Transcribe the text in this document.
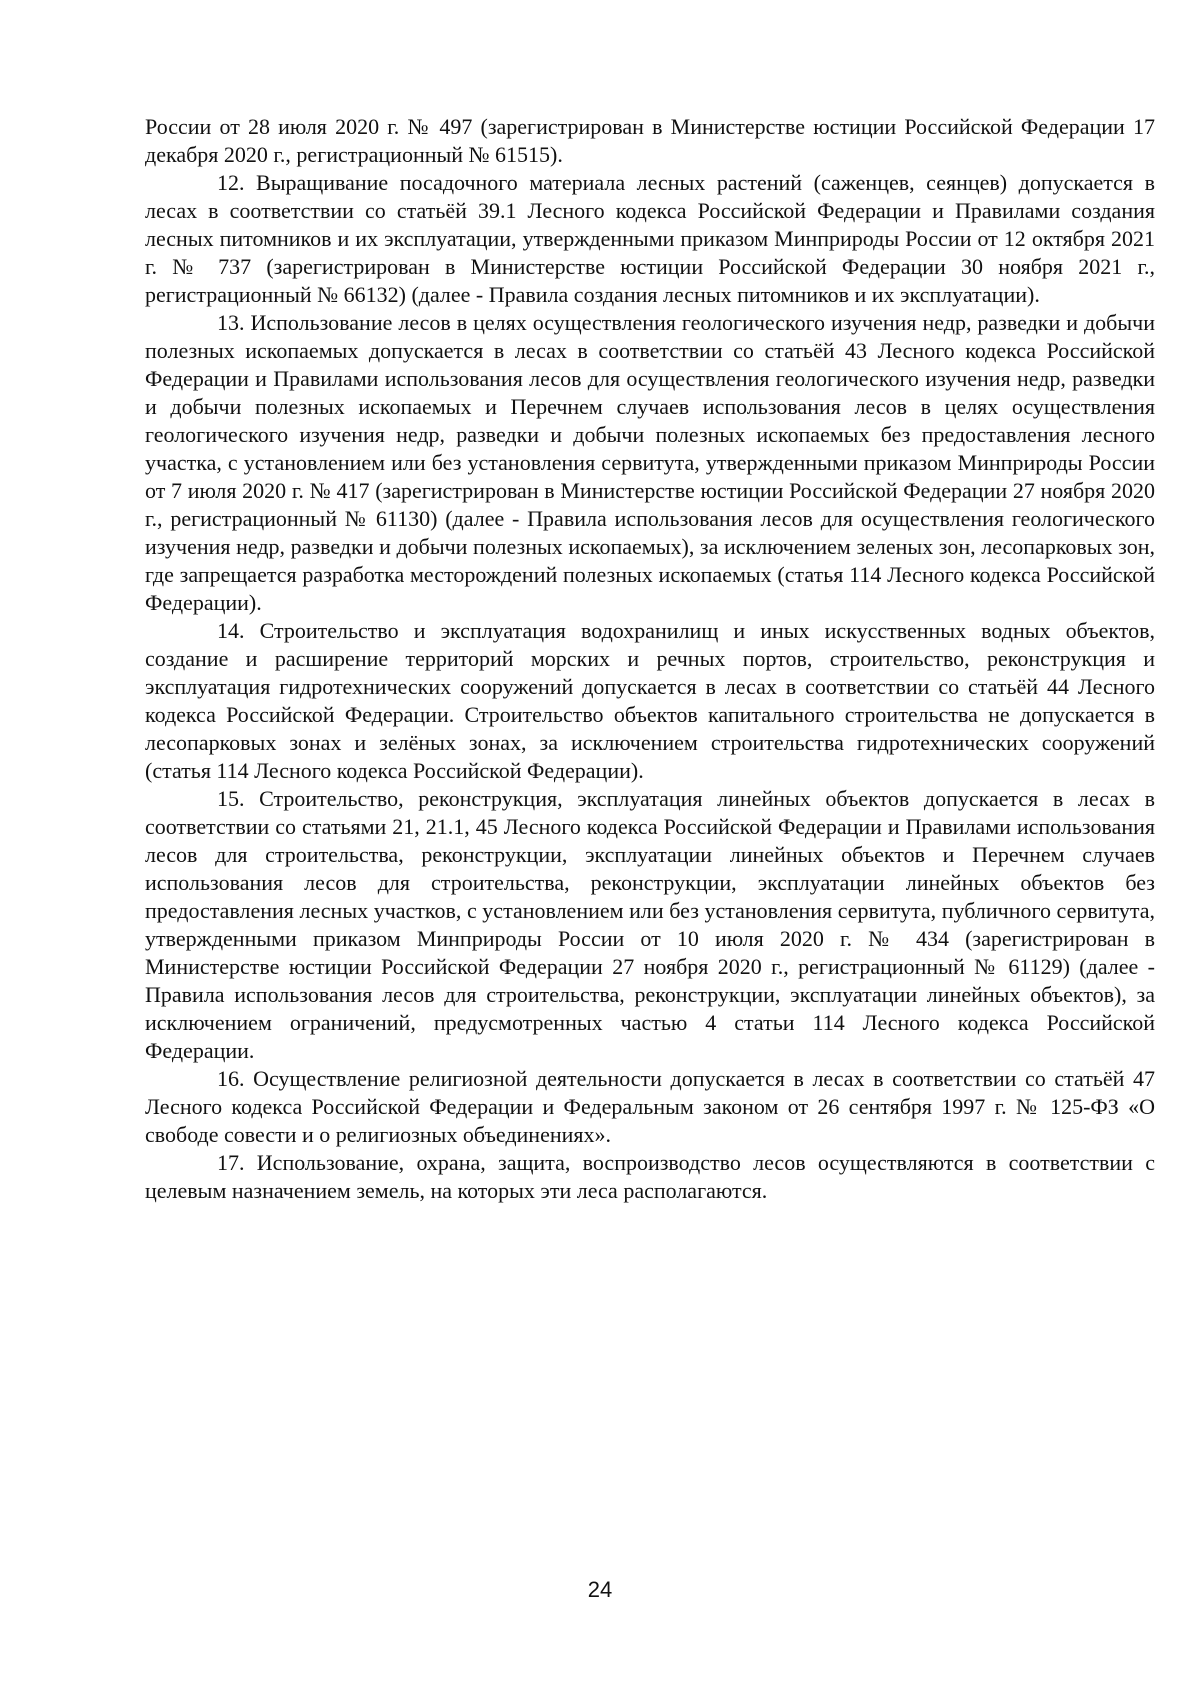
России от 28 июля 2020 г. № 497 (зарегистрирован в Министерстве юстиции Российской Федерации 17 декабря 2020 г., регистрационный № 61515).

12. Выращивание посадочного материала лесных растений (саженцев, сеянцев) допускается в лесах в соответствии со статьёй 39.1 Лесного кодекса Российской Федерации и Правилами создания лесных питомников и их эксплуатации, утвержденными приказом Минприроды России от 12 октября 2021 г. № 737 (зарегистрирован в Министерстве юстиции Российской Федерации 30 ноября 2021 г., регистрационный № 66132) (далее - Правила создания лесных питомников и их эксплуатации).

13. Использование лесов в целях осуществления геологического изучения недр, разведки и добычи полезных ископаемых допускается в лесах в соответствии со статьёй 43 Лесного кодекса Российской Федерации и Правилами использования лесов для осуществления геологического изучения недр, разведки и добычи полезных ископаемых и Перечнем случаев использования лесов в целях осуществления геологического изучения недр, разведки и добычи полезных ископаемых без предоставления лесного участка, с установлением или без установления сервитута, утвержденными приказом Минприроды России от 7 июля 2020 г. № 417 (зарегистрирован в Министерстве юстиции Российской Федерации 27 ноября 2020 г., регистрационный № 61130) (далее - Правила использования лесов для осуществления геологического изучения недр, разведки и добычи полезных ископаемых), за исключением зеленых зон, лесопарковых зон, где запрещается разработка месторождений полезных ископаемых (статья 114 Лесного кодекса Российской Федерации).

14. Строительство и эксплуатация водохранилищ и иных искусственных водных объектов, создание и расширение территорий морских и речных портов, строительство, реконструкция и эксплуатация гидротехнических сооружений допускается в лесах в соответствии со статьёй 44 Лесного кодекса Российской Федерации. Строительство объектов капитального строительства не допускается в лесопарковых зонах и зелёных зонах, за исключением строительства гидротехнических сооружений (статья 114 Лесного кодекса Российской Федерации).

15. Строительство, реконструкция, эксплуатация линейных объектов допускается в лесах в соответствии со статьями 21, 21.1, 45 Лесного кодекса Российской Федерации и Правилами использования лесов для строительства, реконструкции, эксплуатации линейных объектов и Перечнем случаев использования лесов для строительства, реконструкции, эксплуатации линейных объектов без предоставления лесных участков, с установлением или без установления сервитута, публичного сервитута, утвержденными приказом Минприроды России от 10 июля 2020 г. № 434 (зарегистрирован в Министерстве юстиции Российской Федерации 27 ноября 2020 г., регистрационный № 61129) (далее - Правила использования лесов для строительства, реконструкции, эксплуатации линейных объектов), за исключением ограничений, предусмотренных частью 4 статьи 114 Лесного кодекса Российской Федерации.

16. Осуществление религиозной деятельности допускается в лесах в соответствии со статьёй 47 Лесного кодекса Российской Федерации и Федеральным законом от 26 сентября 1997 г. № 125-ФЗ «О свободе совести и о религиозных объединениях».

17. Использование, охрана, защита, воспроизводство лесов осуществляются в соответствии с целевым назначением земель, на которых эти леса располагаются.

24
